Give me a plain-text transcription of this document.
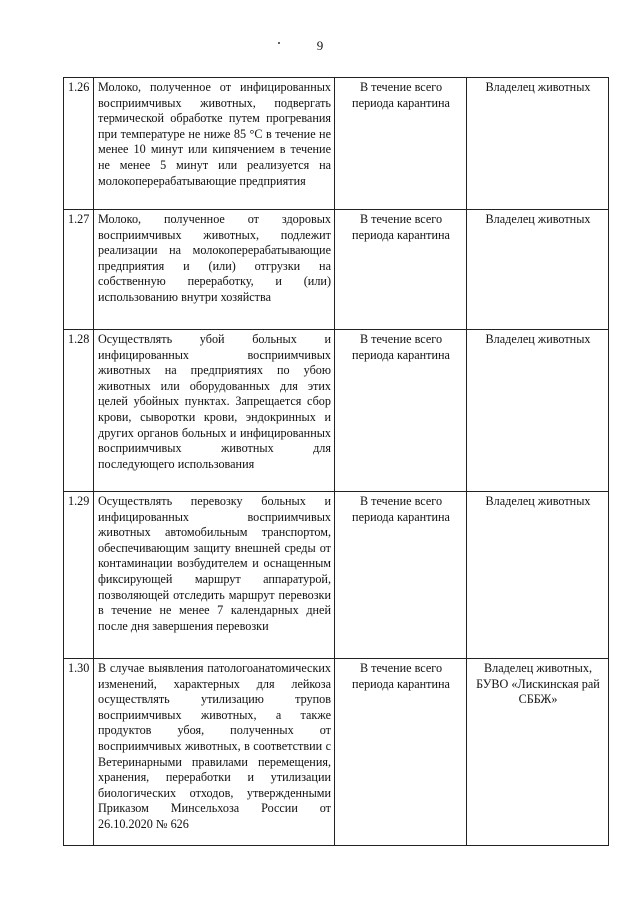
9
1.26	Молоко, полученное от инфицированных восприимчивых животных, подвергать термической обработке путем прогревания при температуре не ниже 85 °С в течение не менее 10 минут или кипячением в течение не менее 5 минут или реализуется на молокоперерабатывающие предприятия	В течение всего периода карантина	Владелец животных
1.27	Молоко, полученное от здоровых восприимчивых животных, подлежит реализации на молокоперерабатывающие предприятия и (или) отгрузки на собственную переработку, и (или) использованию внутри хозяйства	В течение всего периода карантина	Владелец животных
1.28	Осуществлять убой больных и инфицированных восприимчивых животных на предприятиях по убою животных или оборудованных для этих целей убойных пунктах. Запрещается сбор крови, сыворотки крови, эндокринных и других органов больных и инфицированных восприимчивых животных для последующего использования	В течение всего периода карантина	Владелец животных
1.29	Осуществлять перевозку больных и инфицированных восприимчивых животных автомобильным транспортом, обеспечивающим защиту внешней среды от контаминации возбудителем и оснащенным фиксирующей маршрут аппаратурой, позволяющей отследить маршрут перевозки в течение не менее 7 календарных дней после дня завершения перевозки	В течение всего периода карантина	Владелец животных
1.30	В случае выявления патологоанатомических изменений, характерных для лейкоза осуществлять утилизацию трупов восприимчивых животных, а также продуктов убоя, полученных от восприимчивых животных, в соответствии с Ветеринарными правилами перемещения, хранения, переработки и утилизации биологических отходов, утвержденными Приказом Минсельхоза России от 26.10.2020 № 626	В течение всего периода карантина	Владелец животных, БУВО «Лискинская рай СББЖ»
